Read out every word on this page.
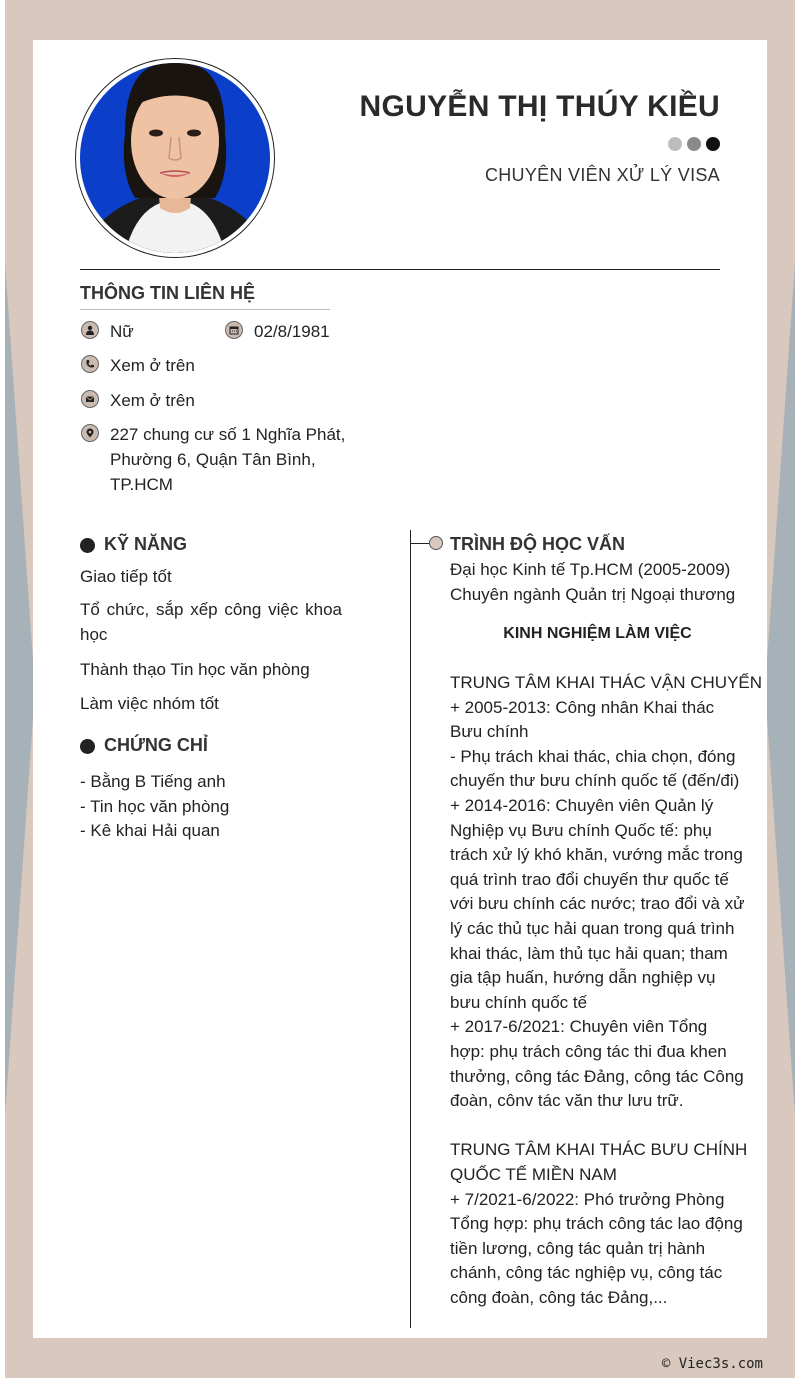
NGUYỄN THỊ THÚY KIỀU
CHUYÊN VIÊN XỬ LÝ VISA
THÔNG TIN LIÊN HỆ
Nữ	02/8/1981
Xem ở trên
Xem ở trên
227 chung cư số 1 Nghĩa Phát,
Phường 6, Quận Tân Bình,
TP.HCM
KỸ NĂNG
Giao tiếp tốt
Tổ chức, sắp xếp công việc khoa học
Thành thạo Tin học văn phòng
Làm việc nhóm tốt
CHỨNG CHỈ
- Bằng B Tiếng anh
- Tin học văn phòng
- Kê khai Hải quan
TRÌNH ĐỘ HỌC VẤN
Đại học Kinh tế Tp.HCM (2005-2009)
Chuyên ngành Quản trị Ngoại thương
KINH NGHIỆM LÀM VIỆC
TRUNG TÂM KHAI THÁC VẬN CHUYỂN
+ 2005-2013: Công nhân Khai thác
Bưu chính
- Phụ trách khai thác, chia chọn, đóng
chuyến thư bưu chính quốc tế (đến/đi)
+ 2014-2016: Chuyên viên Quản lý
Nghiệp vụ Bưu chính Quốc tế: phụ
trách xử lý khó khăn, vướng mắc trong
quá trình trao đổi chuyến thư quốc tế
với bưu chính các nước; trao đổi và xử
lý các thủ tục hải quan trong quá trình
khai thác, làm thủ tục hải quan; tham
gia tập huấn, hướng dẫn nghiệp vụ
bưu chính quốc tế
+ 2017-6/2021: Chuyên viên Tổng
hợp: phụ trách công tác thi đua khen
thưởng, công tác Đảng, công tác Công
đoàn, cônv tác văn thư lưu trữ.
TRUNG TÂM KHAI THÁC BƯU CHÍNH
QUỐC TẾ MIỀN NAM
+ 7/2021-6/2022: Phó trưởng Phòng
Tổng hợp: phụ trách công tác lao động
tiền lương, công tác quản trị hành
chánh, công tác nghiệp vụ, công tác
công đoàn, công tác Đảng,...
© Viec3s.com
